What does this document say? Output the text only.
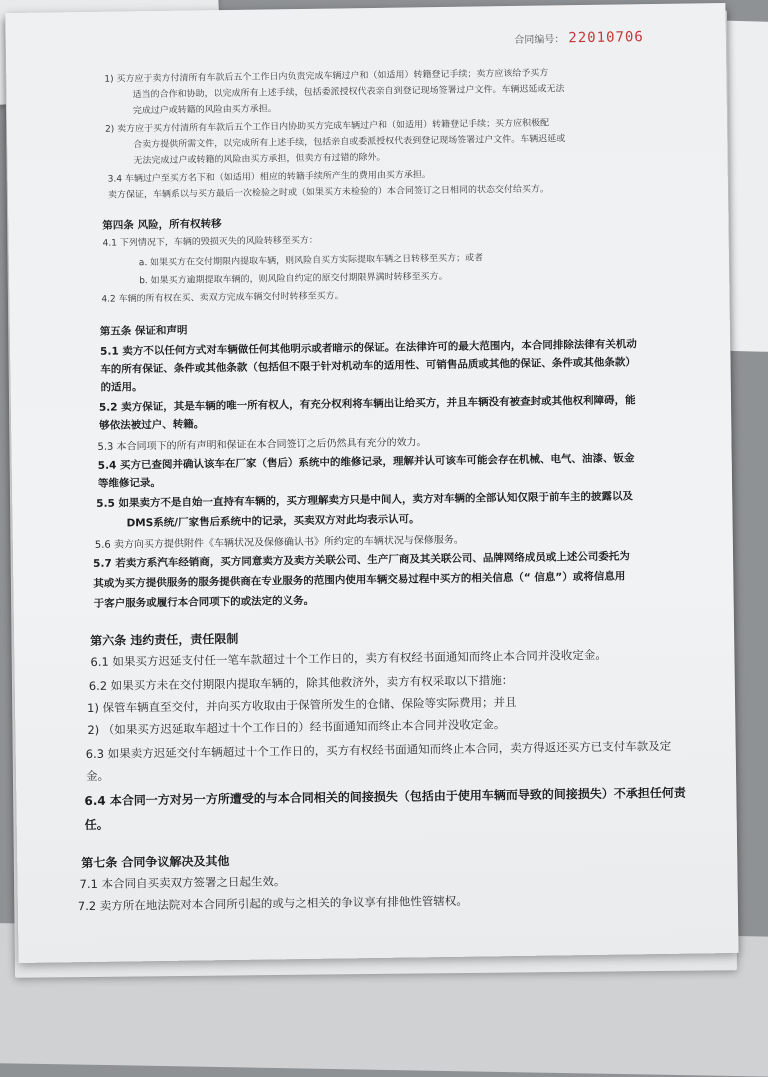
合同编号： 22010706
1) 买方应于卖方付清所有车款后五个工作日内负责完成车辆过户和（如适用）转籍登记手续；卖方应该给予买方
适当的合作和协助，以完成所有上述手续，包括委派授权代表亲自到登记现场签署过户文件。车辆迟延或无法
完成过户或转籍的风险由买方承担。
2) 卖方应于买方付清所有车款后五个工作日内协助买方完成车辆过户和（如适用）转籍登记手续；买方应积极配
合卖方提供所需文件，以完成所有上述手续，包括亲自或委派授权代表到登记现场签署过户文件。车辆迟延或
无法完成过户或转籍的风险由买方承担，但卖方有过错的除外。
3.4 车辆过户至买方名下和（如适用）相应的转籍手续所产生的费用由买方承担。
卖方保证，车辆系以与买方最后一次检验之时或（如果买方未检验的）本合同签订之日相同的状态交付给买方。
第四条 风险，所有权转移
4.1 下列情况下，车辆的毁损灭失的风险转移至买方：
a. 如果买方在交付期限内提取车辆，则风险自买方实际提取车辆之日转移至买方；或者
b. 如果买方逾期提取车辆的，则风险自约定的原交付期限界满时转移至买方。
4.2 车辆的所有权在买、卖双方完成车辆交付时转移至买方。
第五条 保证和声明
5.1 卖方不以任何方式对车辆做任何其他明示或者暗示的保证。在法律许可的最大范围内，本合同排除法律有关机动
车的所有保证、条件或其他条款（包括但不限于针对机动车的适用性、可销售品质或其他的保证、条件或其他条款）
的适用。
5.2 卖方保证，其是车辆的唯一所有权人，有充分权利将车辆出让给买方，并且车辆没有被查封或其他权利障碍，能
够依法被过户、转籍。
5.3 本合同项下的所有声明和保证在本合同签订之后仍然具有充分的效力。
5.4 买方已查阅并确认该车在厂家（售后）系统中的维修记录，理解并认可该车可能会存在机械、电气、油漆、钣金
等维修记录。
5.5 如果卖方不是自始一直持有车辆的，买方理解卖方只是中间人，卖方对车辆的全部认知仅限于前车主的披露以及
DMS系统/厂家售后系统中的记录，买卖双方对此均表示认可。
5.6 卖方向买方提供附件《车辆状况及保修确认书》所约定的车辆状况与保修服务。
5.7 若卖方系汽车经销商，买方同意卖方及卖方关联公司、生产厂商及其关联公司、品牌网络成员或上述公司委托为
其或为买方提供服务的服务提供商在专业服务的范围内使用车辆交易过程中买方的相关信息（“ 信息”）或将信息用
于客户服务或履行本合同项下的或法定的义务。
第六条 违约责任，责任限制
6.1 如果买方迟延支付任一笔车款超过十个工作日的，卖方有权经书面通知而终止本合同并没收定金。
6.2 如果买方未在交付期限内提取车辆的，除其他救济外，卖方有权采取以下措施：
1) 保管车辆直至交付，并向买方收取由于保管所发生的仓储、保险等实际费用；并且
2) （如果买方迟延取车超过十个工作日的）经书面通知而终止本合同并没收定金。
6.3 如果卖方迟延交付车辆超过十个工作日的，买方有权经书面通知而终止本合同，卖方得返还买方已支付车款及定
金。
6.4 本合同一方对另一方所遭受的与本合同相关的间接损失（包括由于使用车辆而导致的间接损失）不承担任何责
任。
第七条 合同争议解决及其他
7.1 本合同自买卖双方签署之日起生效。
7.2 卖方所在地法院对本合同所引起的或与之相关的争议享有排他性管辖权。
